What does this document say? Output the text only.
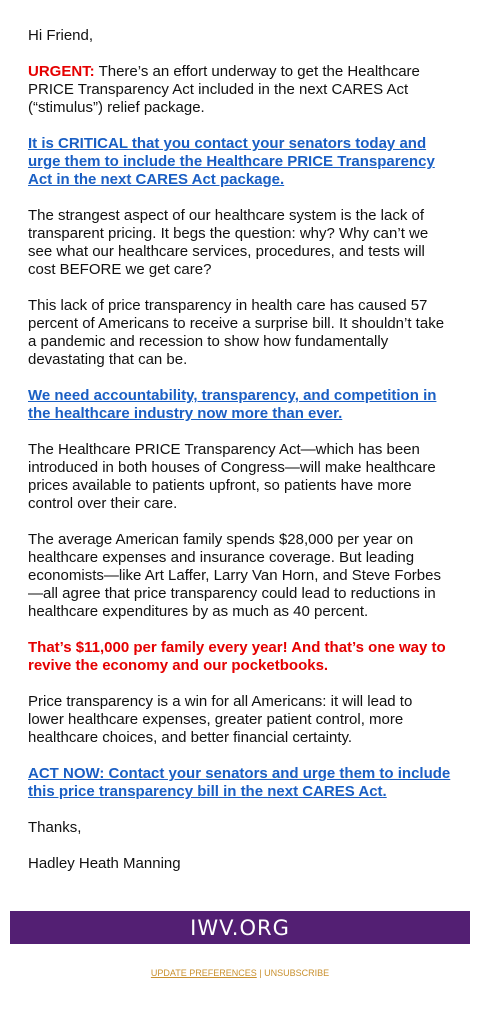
Hi Friend,

URGENT: There’s an effort underway to get the Healthcare PRICE Transparency Act included in the next CARES Act (“stimulus”) relief package.

It is CRITICAL that you contact your senators today and urge them to include the Healthcare PRICE Transparency Act in the next CARES Act package.

The strangest aspect of our healthcare system is the lack of transparent pricing. It begs the question: why? Why can’t we see what our healthcare services, procedures, and tests will cost BEFORE we get care?

This lack of price transparency in health care has caused 57 percent of Americans to receive a surprise bill. It shouldn’t take a pandemic and recession to show how fundamentally devastating that can be.

We need accountability, transparency, and competition in the healthcare industry now more than ever.

The Healthcare PRICE Transparency Act—which has been introduced in both houses of Congress—will make healthcare prices available to patients upfront, so patients have more control over their care.

The average American family spends $28,000 per year on healthcare expenses and insurance coverage. But leading economists—like Art Laffer, Larry Van Horn, and Steve Forbes—all agree that price transparency could lead to reductions in healthcare expenditures by as much as 40 percent.

That’s $11,000 per family every year! And that’s one way to revive the economy and our pocketbooks.

Price transparency is a win for all Americans: it will lead to lower healthcare expenses, greater patient control, more healthcare choices, and better financial certainty.

ACT NOW: Contact your senators and urge them to include this price transparency bill in the next CARES Act.

Thanks,

Hadley Heath Manning

IWV.ORG
UPDATE PREFERENCES | UNSUBSCRIBE
